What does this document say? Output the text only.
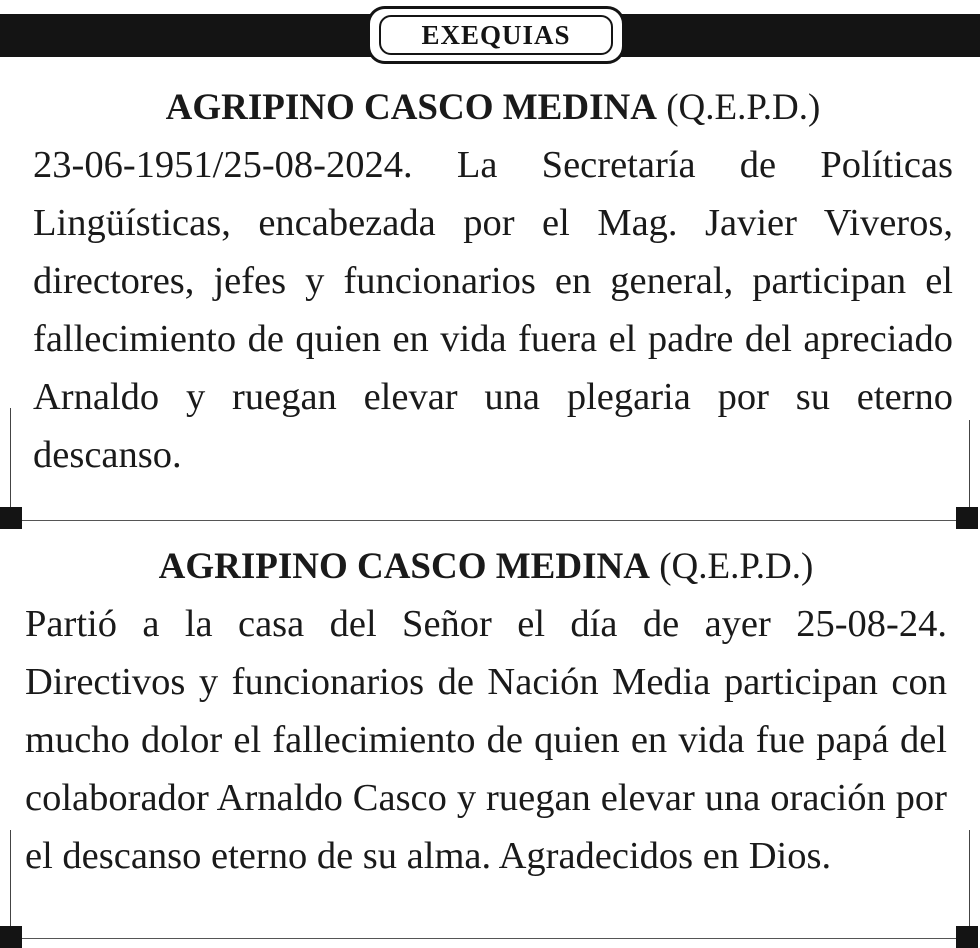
EXEQUIAS
AGRIPINO CASCO MEDINA (Q.E.P.D.)
23-06-1951/25-08-2024. La Secretaría de Políticas Lingüísticas, encabezada por el Mag. Javier Viveros, directores, jefes y funcionarios en general, participan el fallecimiento de quien en vida fuera el padre del apreciado Arnaldo y ruegan elevar una plegaria por su eterno descanso.
AGRIPINO CASCO MEDINA (Q.E.P.D.)
Partió a la casa del Señor el día de ayer 25-08-24. Directivos y funcionarios de Nación Media participan con mucho dolor el fallecimiento de quien en vida fue papá del colaborador Arnaldo Casco y ruegan elevar una oración por el descanso eterno de su alma. Agradecidos en Dios.
